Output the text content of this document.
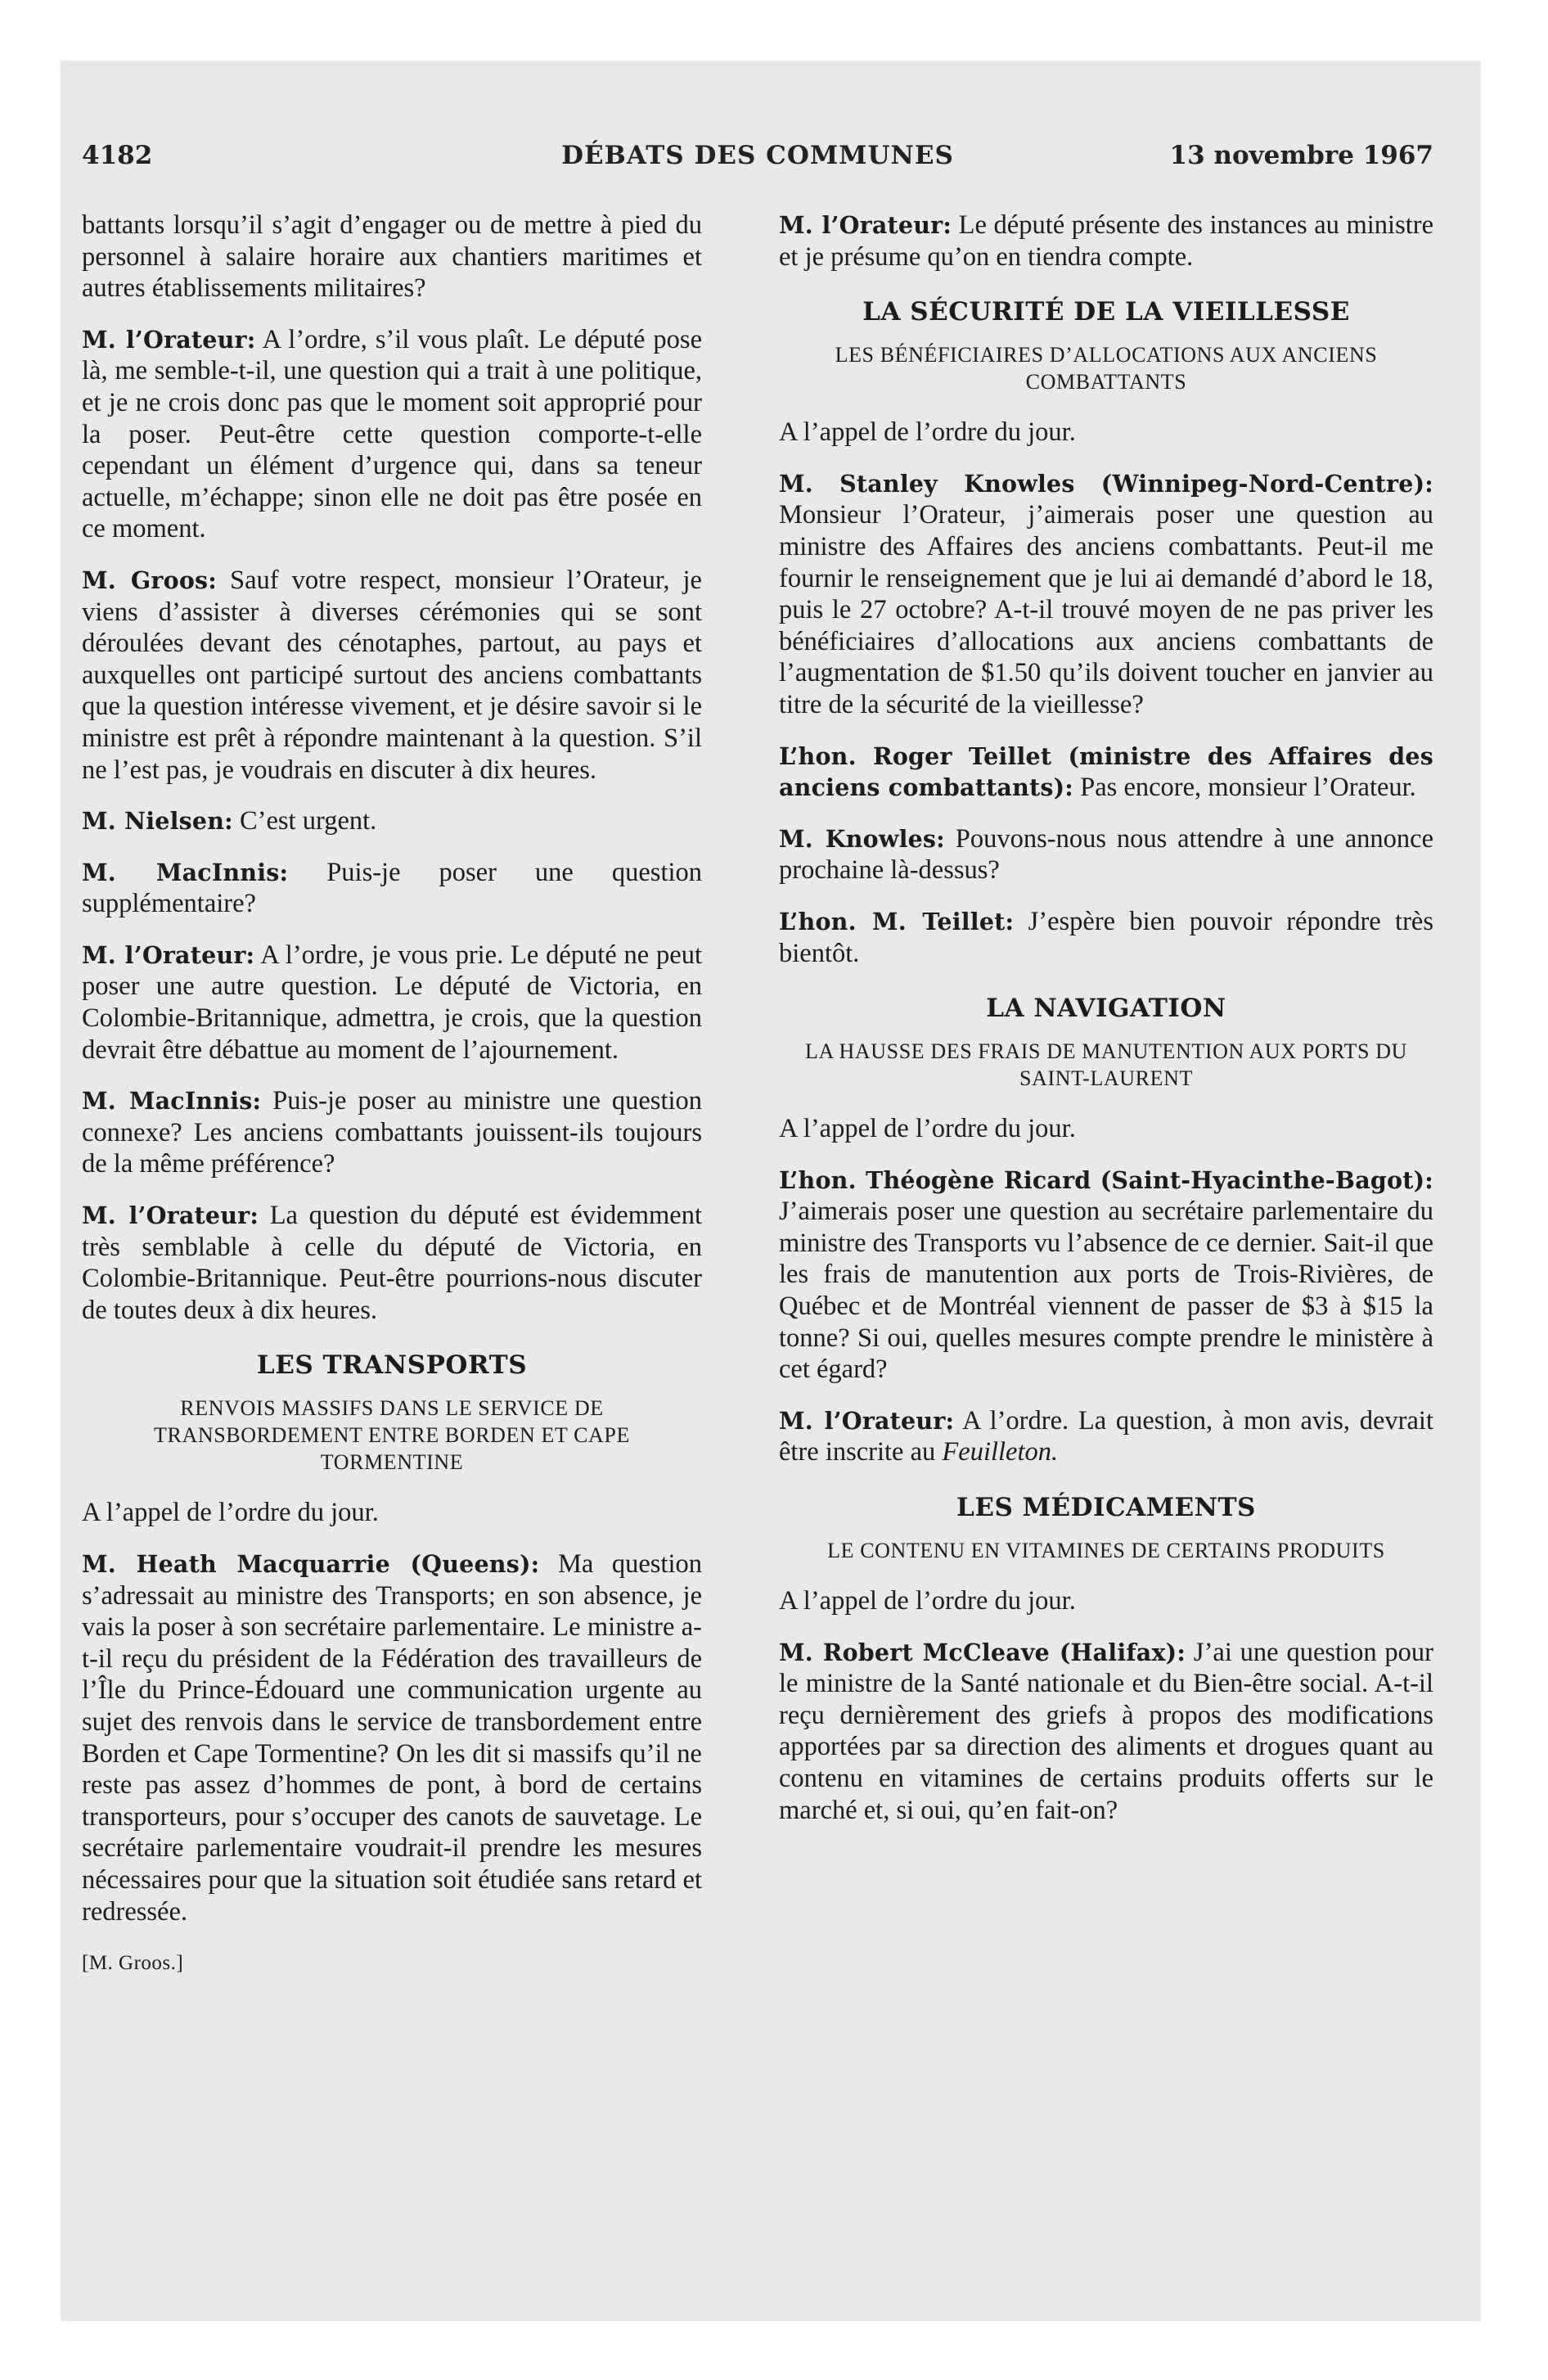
4182	DÉBATS DES COMMUNES	13 novembre 1967

battants lorsqu’il s’agit d’engager ou de mettre à pied du personnel à salaire horaire aux chantiers maritimes et autres établissements militaires?

M. l’Orateur: A l’ordre, s’il vous plaît. Le député pose là, me semble-t-il, une question qui a trait à une politique, et je ne crois donc pas que le moment soit approprié pour la poser. Peut-être cette question comporte-t-elle cependant un élément d’urgence qui, dans sa teneur actuelle, m’échappe; sinon elle ne doit pas être posée en ce moment.

M. Groos: Sauf votre respect, monsieur l’Orateur, je viens d’assister à diverses cérémonies qui se sont déroulées devant des cénotaphes, partout, au pays et auxquelles ont participé surtout des anciens combattants que la question intéresse vivement, et je désire savoir si le ministre est prêt à répondre maintenant à la question. S’il ne l’est pas, je voudrais en discuter à dix heures.

M. Nielsen: C’est urgent.

M. MacInnis: Puis-je poser une question supplémentaire?

M. l’Orateur: A l’ordre, je vous prie. Le député ne peut poser une autre question. Le député de Victoria, en Colombie-Britannique, admettra, je crois, que la question devrait être débattue au moment de l’ajournement.

M. MacInnis: Puis-je poser au ministre une question connexe? Les anciens combattants jouissent-ils toujours de la même préférence?

M. l’Orateur: La question du député est évidemment très semblable à celle du député de Victoria, en Colombie-Britannique. Peut-être pourrions-nous discuter de toutes deux à dix heures.

LES TRANSPORTS
RENVOIS MASSIFS DANS LE SERVICE DE TRANSBORDEMENT ENTRE BORDEN ET CAPE TORMENTINE

A l’appel de l’ordre du jour.

M. Heath Macquarrie (Queens): Ma question s’adressait au ministre des Transports; en son absence, je vais la poser à son secrétaire parlementaire. Le ministre a-t-il reçu du président de la Fédération des travailleurs de l’Île du Prince-Édouard une communication urgente au sujet des renvois dans le service de transbordement entre Borden et Cape Tormentine? On les dit si massifs qu’il ne reste pas assez d’hommes de pont, à bord de certains transporteurs, pour s’occuper des canots de sauvetage. Le secrétaire parlementaire voudrait-il prendre les mesures nécessaires pour que la situation soit étudiée sans retard et redressée.

[M. Groos.]

M. l’Orateur: Le député présente des instances au ministre et je présume qu’on en tiendra compte.

LA SÉCURITÉ DE LA VIEILLESSE
LES BÉNÉFICIAIRES D’ALLOCATIONS AUX ANCIENS COMBATTANTS

A l’appel de l’ordre du jour.

M. Stanley Knowles (Winnipeg-Nord-Centre): Monsieur l’Orateur, j’aimerais poser une question au ministre des Affaires des anciens combattants. Peut-il me fournir le renseignement que je lui ai demandé d’abord le 18, puis le 27 octobre? A-t-il trouvé moyen de ne pas priver les bénéficiaires d’allocations aux anciens combattants de l’augmentation de $1.50 qu’ils doivent toucher en janvier au titre de la sécurité de la vieillesse?

L’hon. Roger Teillet (ministre des Affaires des anciens combattants): Pas encore, monsieur l’Orateur.

M. Knowles: Pouvons-nous nous attendre à une annonce prochaine là-dessus?

L’hon. M. Teillet: J’espère bien pouvoir répondre très bientôt.

LA NAVIGATION
LA HAUSSE DES FRAIS DE MANUTENTION AUX PORTS DU SAINT-LAURENT

A l’appel de l’ordre du jour.

L’hon. Théogène Ricard (Saint-Hyacinthe-Bagot): J’aimerais poser une question au secrétaire parlementaire du ministre des Transports vu l’absence de ce dernier. Sait-il que les frais de manutention aux ports de Trois-Rivières, de Québec et de Montréal viennent de passer de $3 à $15 la tonne? Si oui, quelles mesures compte prendre le ministère à cet égard?

M. l’Orateur: A l’ordre. La question, à mon avis, devrait être inscrite au Feuilleton.

LES MÉDICAMENTS
LE CONTENU EN VITAMINES DE CERTAINS PRODUITS

A l’appel de l’ordre du jour.

M. Robert McCleave (Halifax): J’ai une question pour le ministre de la Santé nationale et du Bien-être social. A-t-il reçu dernièrement des griefs à propos des modifications apportées par sa direction des aliments et drogues quant au contenu en vitamines de certains produits offerts sur le marché et, si oui, qu’en fait-on?
